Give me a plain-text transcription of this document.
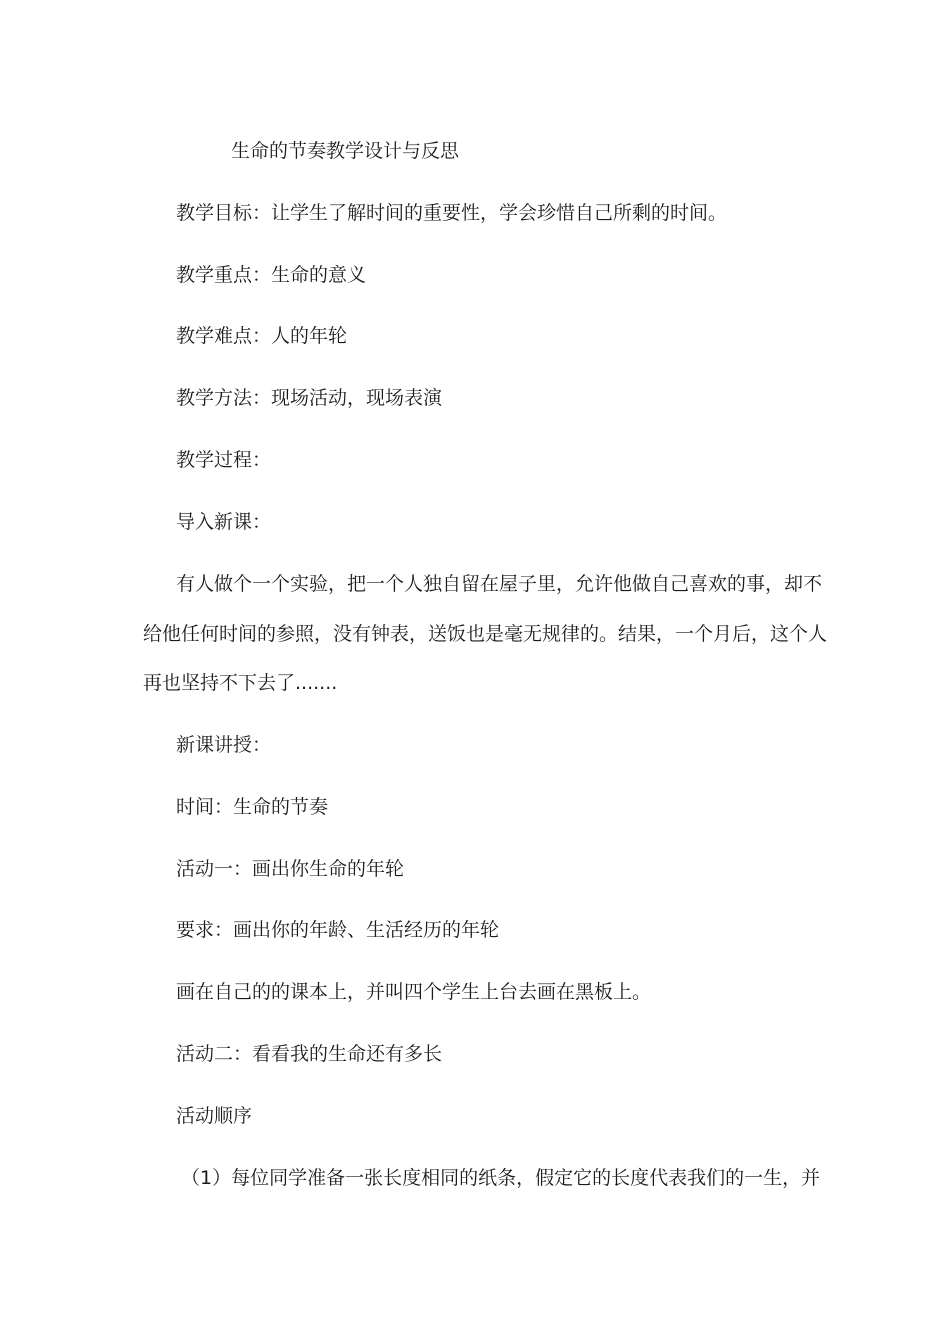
生命的节奏教学设计与反思
教学目标：让学生了解时间的重要性，学会珍惜自己所剩的时间。
教学重点：生命的意义
教学难点：人的年轮
教学方法：现场活动，现场表演
教学过程：
导入新课：
有人做个一个实验，把一个人独自留在屋子里，允许他做自己喜欢的事，却不
给他任何时间的参照，没有钟表，送饭也是毫无规律的。结果，一个月后，这个人
再也坚持不下去了.......
新课讲授：
时间：生命的节奏
活动一：画出你生命的年轮
要求：画出你的年龄、生活经历的年轮
画在自己的的课本上，并叫四个学生上台去画在黑板上。
活动二：看看我的生命还有多长
活动顺序
（1）每位同学准备一张长度相同的纸条，假定它的长度代表我们的一生，并
